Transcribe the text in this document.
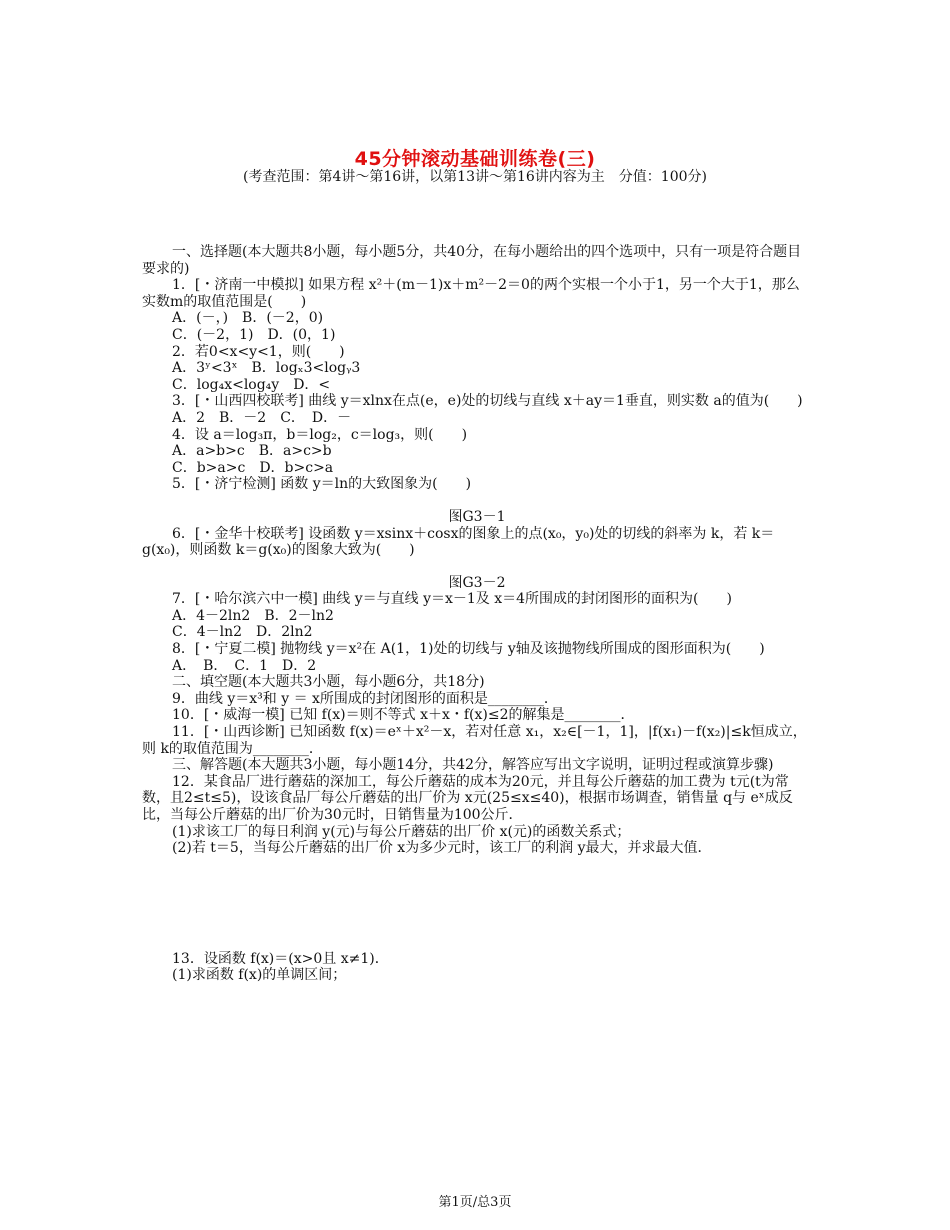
45分钟滚动基础训练卷(三)
(考查范围：第4讲～第16讲，以第13讲～第16讲内容为主　分值：100分)

一、选择题(本大题共8小题，每小题5分，共40分，在每小题给出的四个选项中，只有一项是符合题目要求的)

1．[・济南一中模拟] 如果方程 x²＋(m－1)x＋m²－2＝0的两个实根一个小于1，另一个大于1，那么实数m的取值范围是(　　)

A．(－，)　B．(－2，0)

C．(－2，1)　D．(0，1)

2．若0<x<y<1，则(　　)

A．3ʸ<3ˣ　B．logₓ3<logᵧ3

C．log₄x<log₄y　D．<

3．[・山西四校联考] 曲线 y＝xlnx在点(e，e)处的切线与直线 x＋ay＝1垂直，则实数 a的值为(　　)

A．2　B．－2　C．　D．－

4．设 a＝log₃π，b＝log₂，c＝log₃，则(　　)

A．a>b>c　B．a>c>b

C．b>a>c　D．b>c>a

5．[・济宁检测] 函数 y＝ln的大致图象为(　　)

图G3－1

6．[・金华十校联考] 设函数 y＝xsinx＋cosx的图象上的点(x₀，y₀)处的切线的斜率为 k，若 k＝g(x₀)，则函数 k＝g(x₀)的图象大致为(　　)

图G3－2

7．[・哈尔滨六中一模] 曲线 y＝与直线 y＝x－1及 x＝4所围成的封闭图形的面积为(　　)

A．4－2ln2　B．2－ln2

C．4－ln2　D．2ln2

8．[・宁夏二模] 抛物线 y＝x²在 A(1，1)处的切线与 y轴及该抛物线所围成的图形面积为(　　)

A．　B．　C．1　D．2

二、填空题(本大题共3小题，每小题6分，共18分)

9．曲线 y＝x³和 y ＝ x所围成的封闭图形的面积是________．

10．[・威海一模] 已知 f(x)＝则不等式 x＋x・f(x)≤2的解集是________．

11．[・山西诊断] 已知函数 f(x)＝eˣ＋x²－x，若对任意 x₁，x₂∈[－1，1]，|f(x₁)－f(x₂)|≤k恒成立，则 k的取值范围为________．

三、解答题(本大题共3小题，每小题14分，共42分，解答应写出文字说明，证明过程或演算步骤)

12．某食品厂进行蘑菇的深加工，每公斤蘑菇的成本为20元，并且每公斤蘑菇的加工费为 t元(t为常数，且2≤t≤5)，设该食品厂每公斤蘑菇的出厂价为 x元(25≤x≤40)，根据市场调查，销售量 q与 eˣ成反比，当每公斤蘑菇的出厂价为30元时，日销售量为100公斤．

(1)求该工厂的每日利润 y(元)与每公斤蘑菇的出厂价 x(元)的函数关系式；

(2)若 t＝5，当每公斤蘑菇的出厂价 x为多少元时，该工厂的利润 y最大，并求最大值．

13．设函数 f(x)＝(x>0且 x≠1)．

(1)求函数 f(x)的单调区间；

第1页/总3页
